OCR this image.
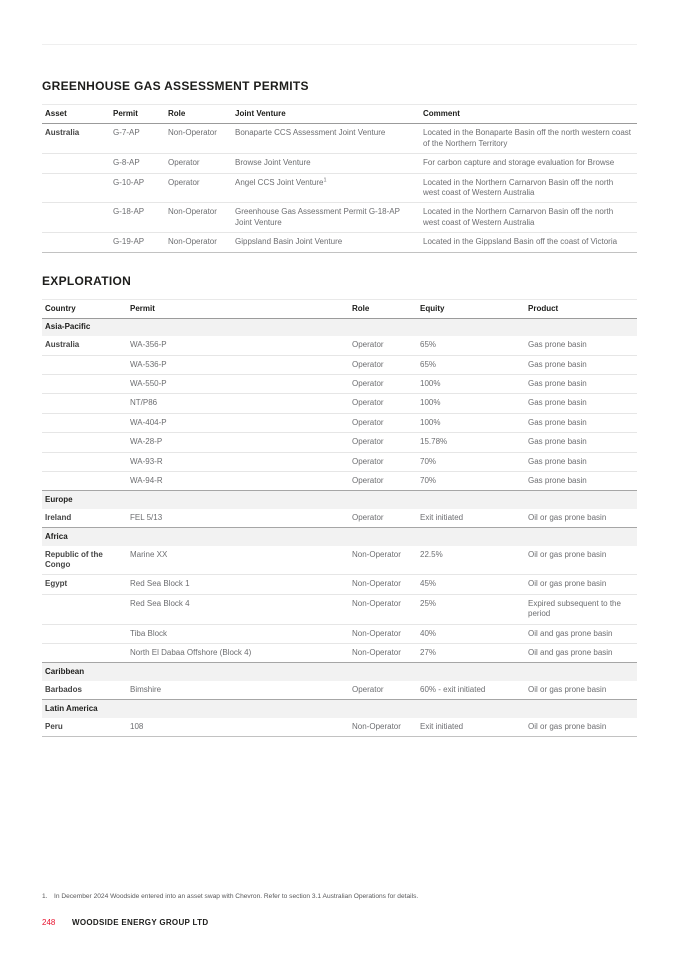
GREENHOUSE GAS ASSESSMENT PERMITS
Asset	Permit	Role	Joint Venture	Comment
Australia	G-7-AP	Non-Operator	Bonaparte CCS Assessment Joint Venture	Located in the Bonaparte Basin off the north western coast of the Northern Territory
	G-8-AP	Operator	Browse Joint Venture	For carbon capture and storage evaluation for Browse
	G-10-AP	Operator	Angel CCS Joint Venture$^1$	Located in the Northern Carnarvon Basin off the north west coast of Western Australia
	G-18-AP	Non-Operator	Greenhouse Gas Assessment Permit G-18-AP Joint Venture	Located in the Northern Carnarvon Basin off the north west coast of Western Australia
	G-19-AP	Non-Operator	Gippsland Basin Joint Venture	Located in the Gippsland Basin off the coast of Victoria
EXPLORATION
Country	Permit	Role	Equity	Product
Asia-Pacific				
Australia	WA-356-P	Operator	65%	Gas prone basin
	WA-536-P	Operator	65%	Gas prone basin
	WA-550-P	Operator	100%	Gas prone basin
	NT/P86	Operator	100%	Gas prone basin
	WA-404-P	Operator	100%	Gas prone basin
	WA-28-P	Operator	15.78%	Gas prone basin
	WA-93-R	Operator	70%	Gas prone basin
	WA-94-R	Operator	70%	Gas prone basin
Europe				
Ireland	FEL 5/13	Operator	Exit initiated	Oil or gas prone basin
Africa				
Republic of the Congo	Marine XX	Non-Operator	22.5%	Oil or gas prone basin
Egypt	Red Sea Block 1	Non-Operator	45%	Oil or gas prone basin
	Red Sea Block 4	Non-Operator	25%	Expired subsequent to the period
	Tiba Block	Non-Operator	40%	Oil and gas prone basin
	North El Dabaa Offshore (Block 4)	Non-Operator	27%	Oil and gas prone basin
Caribbean				
Barbados	Bimshire	Operator	60% - exit initiated	Oil or gas prone basin
Latin America				
Peru	108	Non-Operator	Exit initiated	Oil or gas prone basin
1. In December 2024 Woodside entered into an asset swap with Chevron. Refer to section 3.1 Australian Operations for details.
248	WOODSIDE ENERGY GROUP LTD
